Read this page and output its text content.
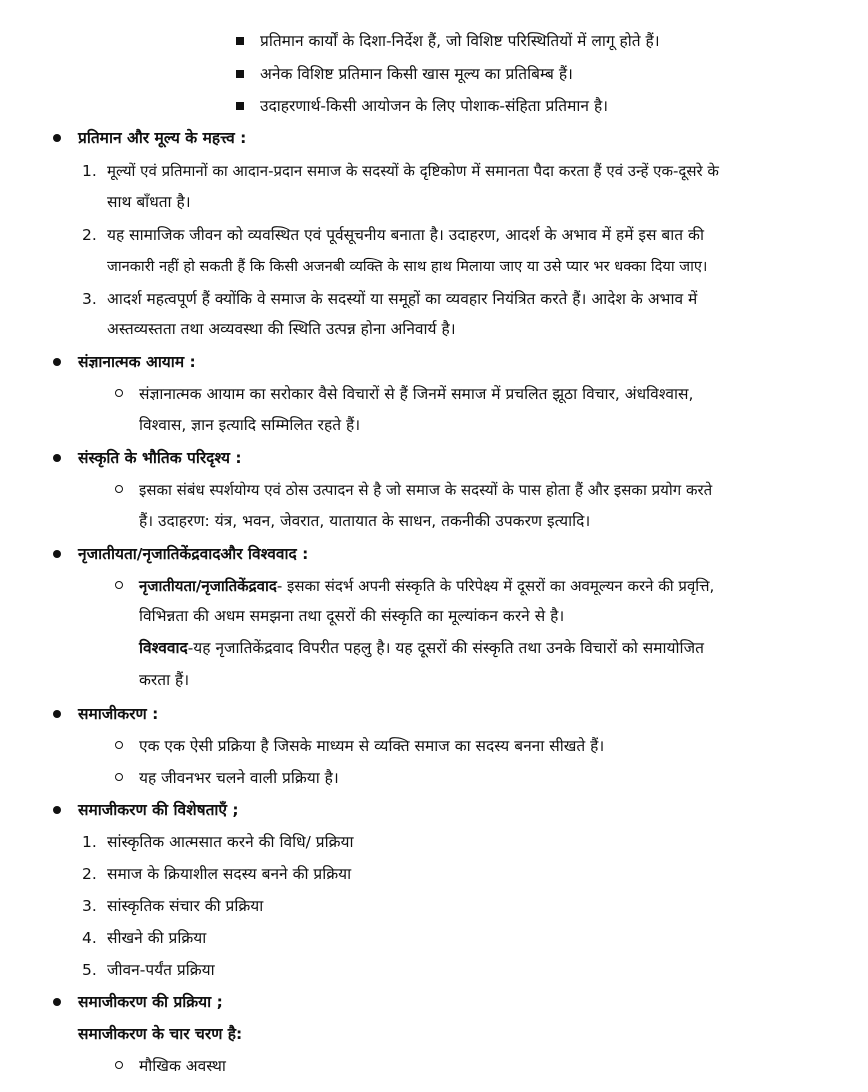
प्रतिमान कार्यों के दिशा-निर्देश हैं, जो विशिष्ट परिस्थितियों में लागू होते हैं।
अनेक विशिष्ट प्रतिमान किसी खास मूल्य का प्रतिबिम्ब हैं।
उदाहरणार्थ-किसी आयोजन के लिए पोशाक-संहिता प्रतिमान है।
प्रतिमान और मूल्य के महत्त्व :
1. मूल्यों एवं प्रतिमानों का आदान-प्रदान समाज के सदस्यों के दृष्टिकोण में समानता पैदा करता हैं एवं उन्हें एक-दूसरे के
साथ बाँधता है।
2. यह सामाजिक जीवन को व्यवस्थित एवं पूर्वसूचनीय बनाता है। उदाहरण, आदर्श के अभाव में हमें इस बात की
जानकारी नहीं हो सकती हैं कि किसी अजनबी व्यक्ति के साथ हाथ मिलाया जाए या उसे प्यार भर धक्का दिया जाए।
3. आदर्श महत्वपूर्ण हैं क्योंकि वे समाज के सदस्यों या समूहों का व्यवहार नियंत्रित करते हैं। आदेश के अभाव में
अस्तव्यस्तता तथा अव्यवस्था की स्थिति उत्पन्न होना अनिवार्य है।
संज्ञानात्मक आयाम :
संज्ञानात्मक आयाम का सरोकार वैसे विचारों से हैं जिनमें समाज में प्रचलित झूठा विचार, अंधविश्वास,
विश्वास, ज्ञान इत्यादि सम्मिलित रहते हैं।
संस्कृति के भौतिक परिदृश्य :
इसका संबंध स्पर्शयोग्य एवं ठोस उत्पादन से है जो समाज के सदस्यों के पास होता हैं और इसका प्रयोग करते
हैं। उदाहरण: यंत्र, भवन, जेवरात, यातायात के साधन, तकनीकी उपकरण इत्यादि।
नृजातीयता/नृजातिकेंद्रवादऔर विश्ववाद :
नृजातीयता/नृजातिकेंद्रवाद- इसका संदर्भ अपनी संस्कृति के परिपेक्ष्य में दूसरों का अवमूल्यन करने की प्रवृत्ति,
विभिन्नता की अधम समझना तथा दूसरों की संस्कृति का मूल्यांकन करने से है।
विश्ववाद-यह नृजातिकेंद्रवाद विपरीत पहलु है। यह दूसरों की संस्कृति तथा उनके विचारों को समायोजित
करता हैं।
समाजीकरण :
एक एक ऐसी प्रक्रिया है जिसके माध्यम से व्यक्ति समाज का सदस्य बनना सीखते हैं।
यह जीवनभर चलने वाली प्रक्रिया है।
समाजीकरण की विशेषताएँ ;
1. सांस्कृतिक आत्मसात करने की विधि/ प्रक्रिया
2. समाज के क्रियाशील सदस्य बनने की प्रक्रिया
3. सांस्कृतिक संचार की प्रक्रिया
4. सीखने की प्रक्रिया
5. जीवन-पर्यंत प्रक्रिया
समाजीकरण की प्रक्रिया ;
समाजीकरण के चार चरण है:
मौखिक अवस्था
